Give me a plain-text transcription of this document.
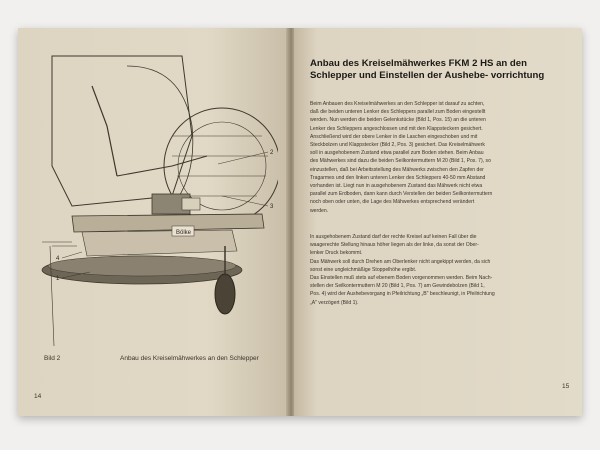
Bölke
2
3
4
1
Bild 2	Anbau des Kreiselmähwerkes an den Schlepper
14
Anbau des Kreiselmähwerkes FKM 2 HS an den Schlepper und Einstellen der Aushebe- vorrichtung
Beim Anbauen des Kreiselmähwerkes an den Schlepper ist darauf zu achten,
daß die beiden unteren Lenker des Schleppers parallel zum Boden eingestellt
werden. Nun werden die beiden Gelenkstücke (Bild 1, Pos. 15) an die unteren
Lenker des Schleppers angeschlossen und mit den Klappsteckern gesichert.
Anschließend wird der obere Lenker in die Laschen eingeschoben und mit
Steckbolzen und Klappstecker (Bild 2, Pos. 3) gesichert. Das Kreiselmähwerk
soll in ausgehobenem Zustand etwa parallel zum Boden stehen. Beim Anbau
des Mähwerkes sind dazu die beiden Seilkontermuttern M 20 (Bild 1, Pos. 7), so
einzustellen, daß bei Arbeitsstellung des Mähwerks zwischen den Zapfen der
Tragarmes und den linken unteren Lenker des Schleppers 40-50 mm Abstand
vorhanden ist. Liegt nun in ausgehobenem Zustand das Mähwerk nicht etwa
parallel zum Erdboden, dann kann durch Verstellen der beiden Seilkontermuttern
noch oben oder unten, die Lage des Mähwerkes entsprechend verändert
werden.
In ausgehobenem Zustand darf der rechte Kreisel auf keinen Fall über die
waagerechte Stellung hinaus höher liegen als der linke, da sonst der Ober-
lenker Druck bekommt.
Das Mähwerk soll durch Drehen am Oberlenker nicht angekippt werden, da sich
sonst eine ungleichmäßige Stoppelhöhe ergibt.
Das Einstellen muß stets auf ebenem Boden vorgenommen werden. Beim Nach-
stellen der Seilkontermuttern M 20 (Bild 1, Pos. 7) am Gewindebolzen (Bild 1,
Pos. 4) wird der Aushebevorgang in Pfeilrichtung „B" beschleunigt, in Pfeilrichtung
„A" verzögert (Bild 1).
15
